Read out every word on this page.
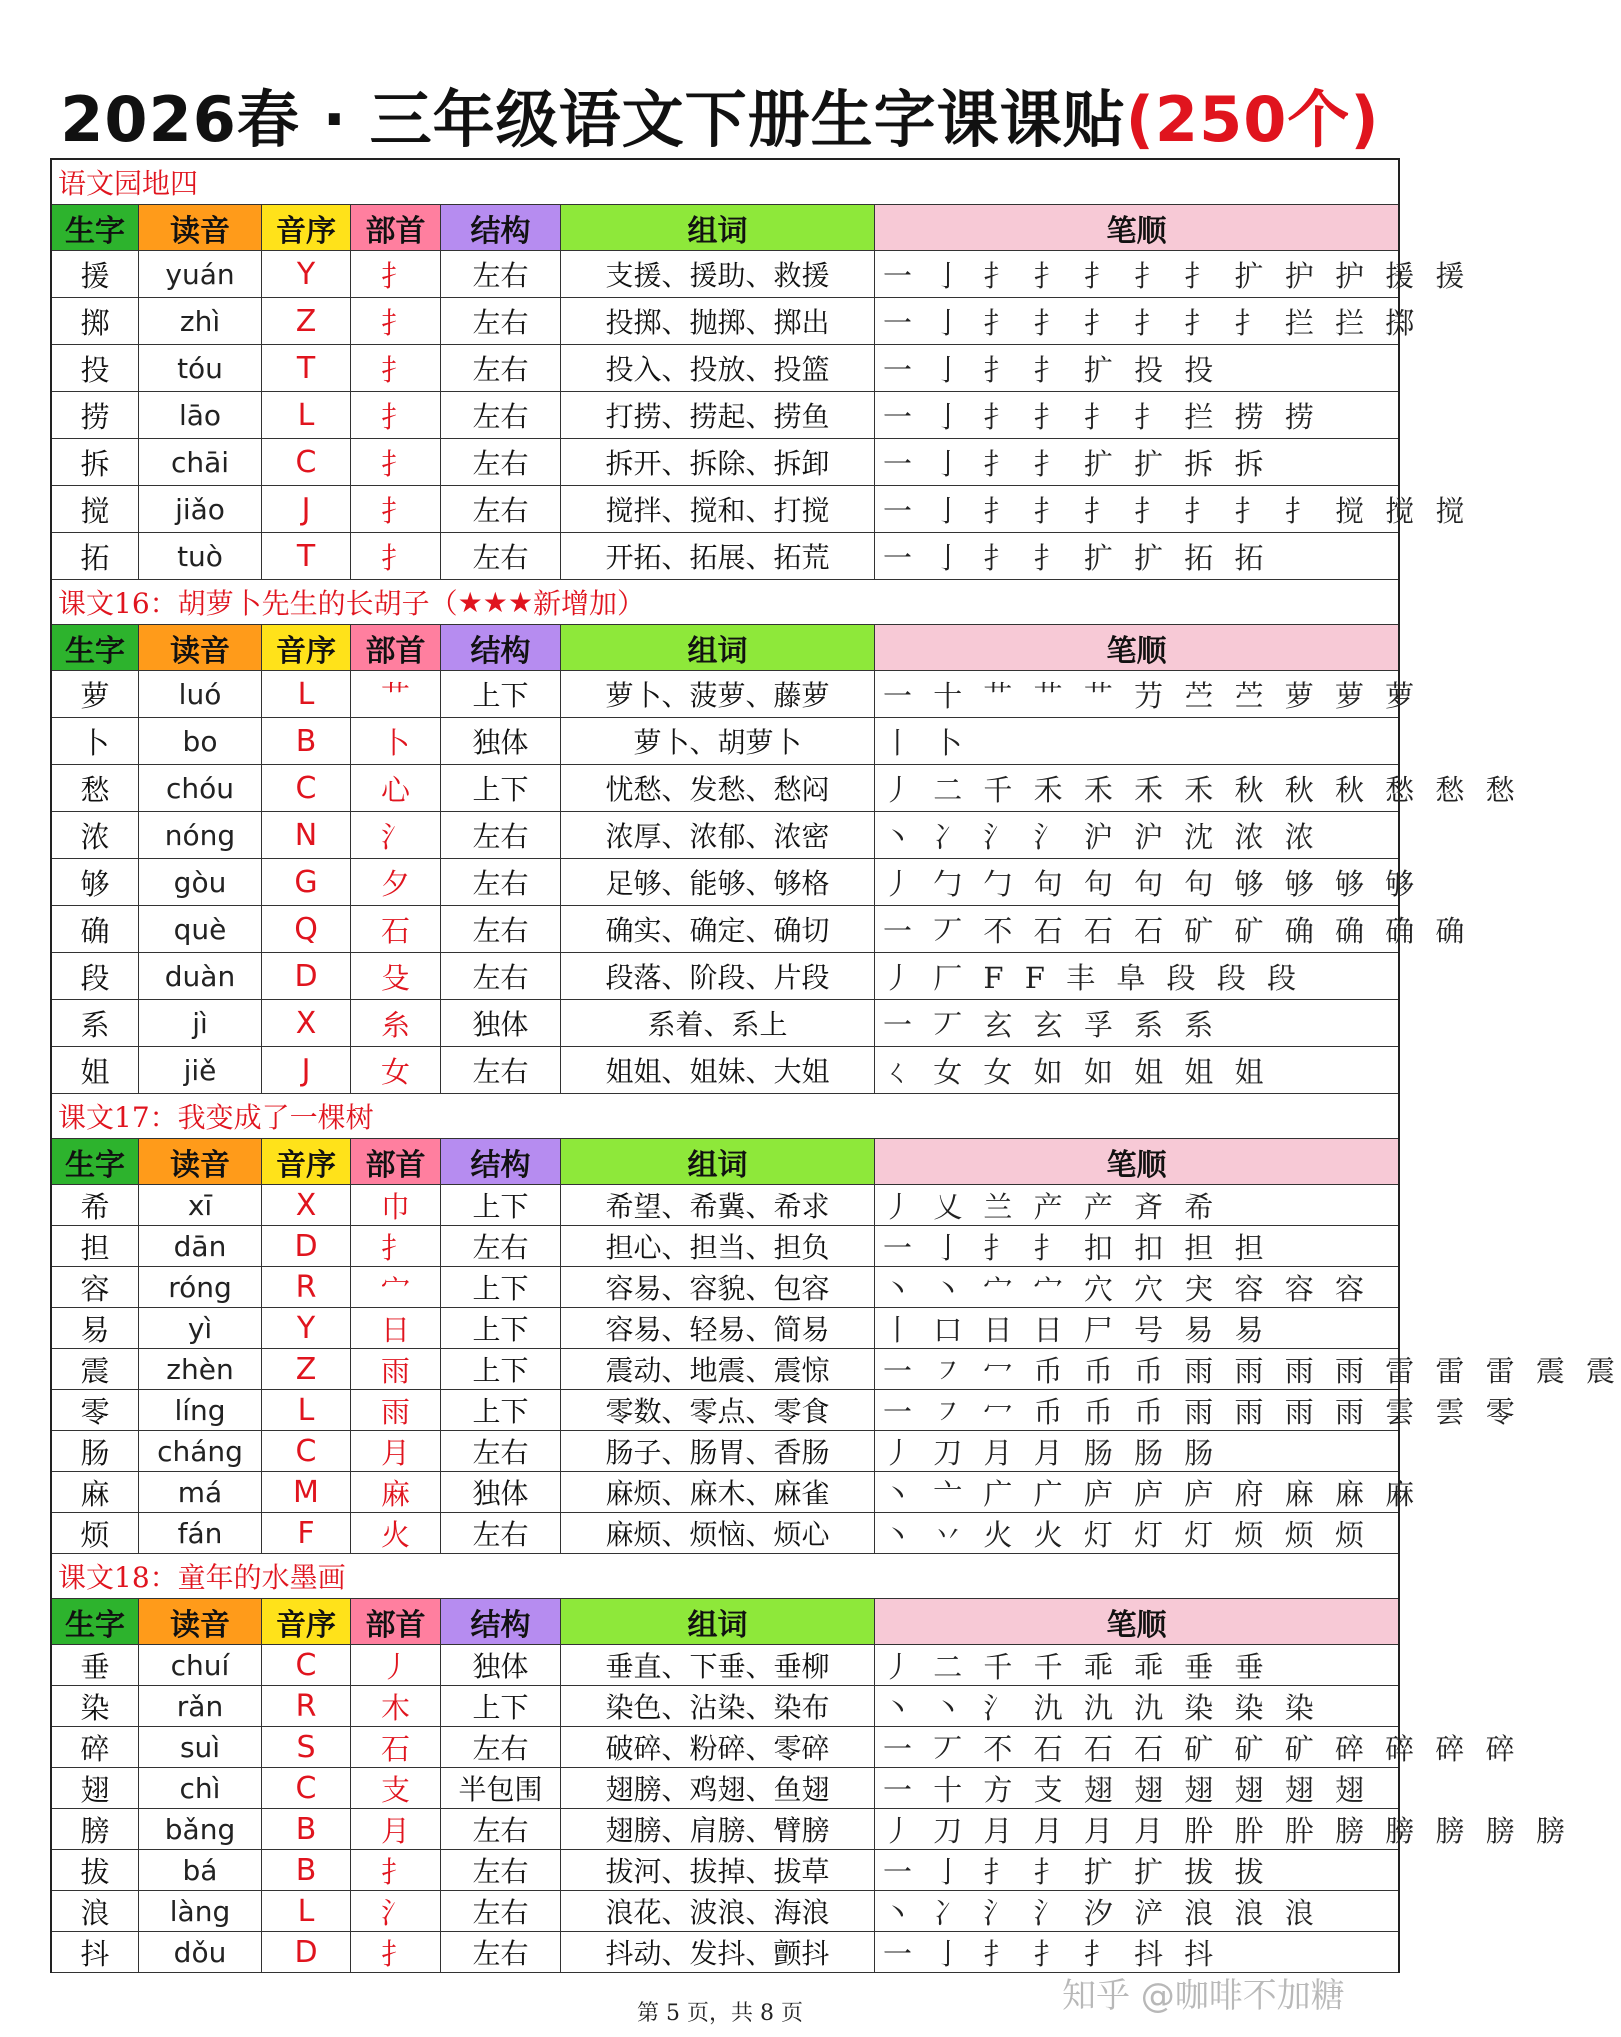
2026春 · 三年级语文下册生字课课贴(250个)
语文园地四
生字	读音	音序 部首	结构	组词	笔顺
援	yuán	Y	扌	左右	支援、援助、救援	一 亅 扌 扌 扌 扌 扌 扩 护 护 援 援
掷	zhì	Z	扌	左右	投掷、抛掷、掷出	一 亅 扌 扌 扌 扌 扌 扌 拦 拦 掷
投	tóu	T	扌	左右	投入、投放、投篮	一 亅 扌 扌 扩 投 投
捞	lāo	L	扌	左右	打捞、捞起、捞鱼	一 亅 扌 扌 扌 扌 拦 捞 捞
拆	chāi	C	扌	左右	拆开、拆除、拆卸	一 亅 扌 扌 扩 扩 拆 拆
搅	jiǎo	J	扌	左右	搅拌、搅和、打搅	一 亅 扌 扌 扌 扌 扌 扌 扌 搅 搅 搅
拓	tuò	T	扌	左右	开拓、拓展、拓荒	一 亅 扌 扌 扩 扩 拓 拓
课文16：胡萝卜先生的长胡子（ ★★★ 新增加）
生字	读音	音序 部首	结构	组词	笔顺
萝	luó	L	艹	上下	萝卜、菠萝、藤萝	一 十 艹 艹 艹 芀 苎 苎 萝 萝 萝
卜	bo	B	卜	独体	萝卜、胡萝卜	丨 卜
愁	chóu	C	心	上下	忧愁、发愁、愁闷	丿 二 千 禾 禾 禾 禾 秋 秋 秋 愁 愁 愁
浓	nóng	N	氵	左右	浓厚、浓郁、浓密	丶 冫 氵 氵 沪 沪 沈 浓 浓
够	gòu	G	夕	左右	足够、能够、够格	丿 勹 勹 句 句 句 句 够 够 够 够
确	què	Q	石	左右	确实、确定、确切	一 丆 不 石 石 石 矿 矿 确 确 确 确
段	duàn	D	殳	左右	段落、阶段、片段	丿 厂 F F 丰 阜 段 段 段
系	jì	X	糸	独体	系着、系上	一 丆 玄 玄 孚 系 系
姐	jiě	J	女	左右	姐姐、姐妹、大姐	ㄑ 女 女 如 如 姐 姐 姐
课文17：我变成了一棵树
生字	读音	音序 部首	结构	组词	笔顺
希	xī	X	巾	上下	希望、希冀、希求	丿 乂 兰 产 产 斉 希
担	dān	D	扌	左右	担心、担当、担负	一 亅 扌 扌 扣 扣 担 担
容	róng	R	宀	上下	容易、容貌、包容	丶 丶 宀 宀 穴 穴 宊 容 容 容
易	yì	Y	日	上下	容易、轻易、简易	丨 口 日 日 尸 号 易 易
震	zhèn	Z	雨	上下	震动、地震、震惊	一 ㇇ 冖 币 币 币 雨 雨 雨 雨 雷 雷 雷 震 震
零	líng	L	雨	上下	零数、零点、零食	一 ㇇ 冖 币 币 币 雨 雨 雨 雨 雲 雲 零
肠	cháng	C	月	左右	肠子、肠胃、香肠	丿 刀 月 月 肠 肠 肠
麻	má	M	麻	独体	麻烦、麻木、麻雀	丶 亠 广 广 庐 庐 庐 府 麻 麻 麻
烦	fán	F	火	左右	麻烦、烦恼、烦心	丶 丷 火 火 灯 灯 灯 烦 烦 烦
课文18：童年的水墨画
生字	读音	音序 部首	结构	组词	笔顺
垂	chuí	C	丿	独体	垂直、下垂、垂柳	丿 二 千 千 乖 乖 垂 垂
染	rǎn	R	木	上下	染色、沾染、染布	丶 丶 氵 氿 氿 氿 染 染 染
碎	suì	S	石	左右	破碎、粉碎、零碎	一 丆 不 石 石 石 矿 矿 矿 碎 碎 碎 碎
翅	chì	C	支	半包围	翅膀、鸡翅、鱼翅	一 十 方 支 翅 翅 翅 翅 翅 翅
膀	bǎng	B	月	左右	翅膀、肩膀、臂膀	丿 刀 月 月 月 月 肸 肸 肸 膀 膀 膀 膀 膀
拔	bá	B	扌	左右	拔河、拔掉、拔草	一 亅 扌 扌 扩 扩 拔 拔
浪	làng	L	氵	左右	浪花、波浪、海浪	丶 冫 氵 氵 汐 浐 浪 浪 浪
抖	dǒu	D	扌	左右	抖动、发抖、颤抖	一 亅 扌 扌 扌 抖 抖
知乎 @咖啡不加糖
第 5 页，共 8 页
